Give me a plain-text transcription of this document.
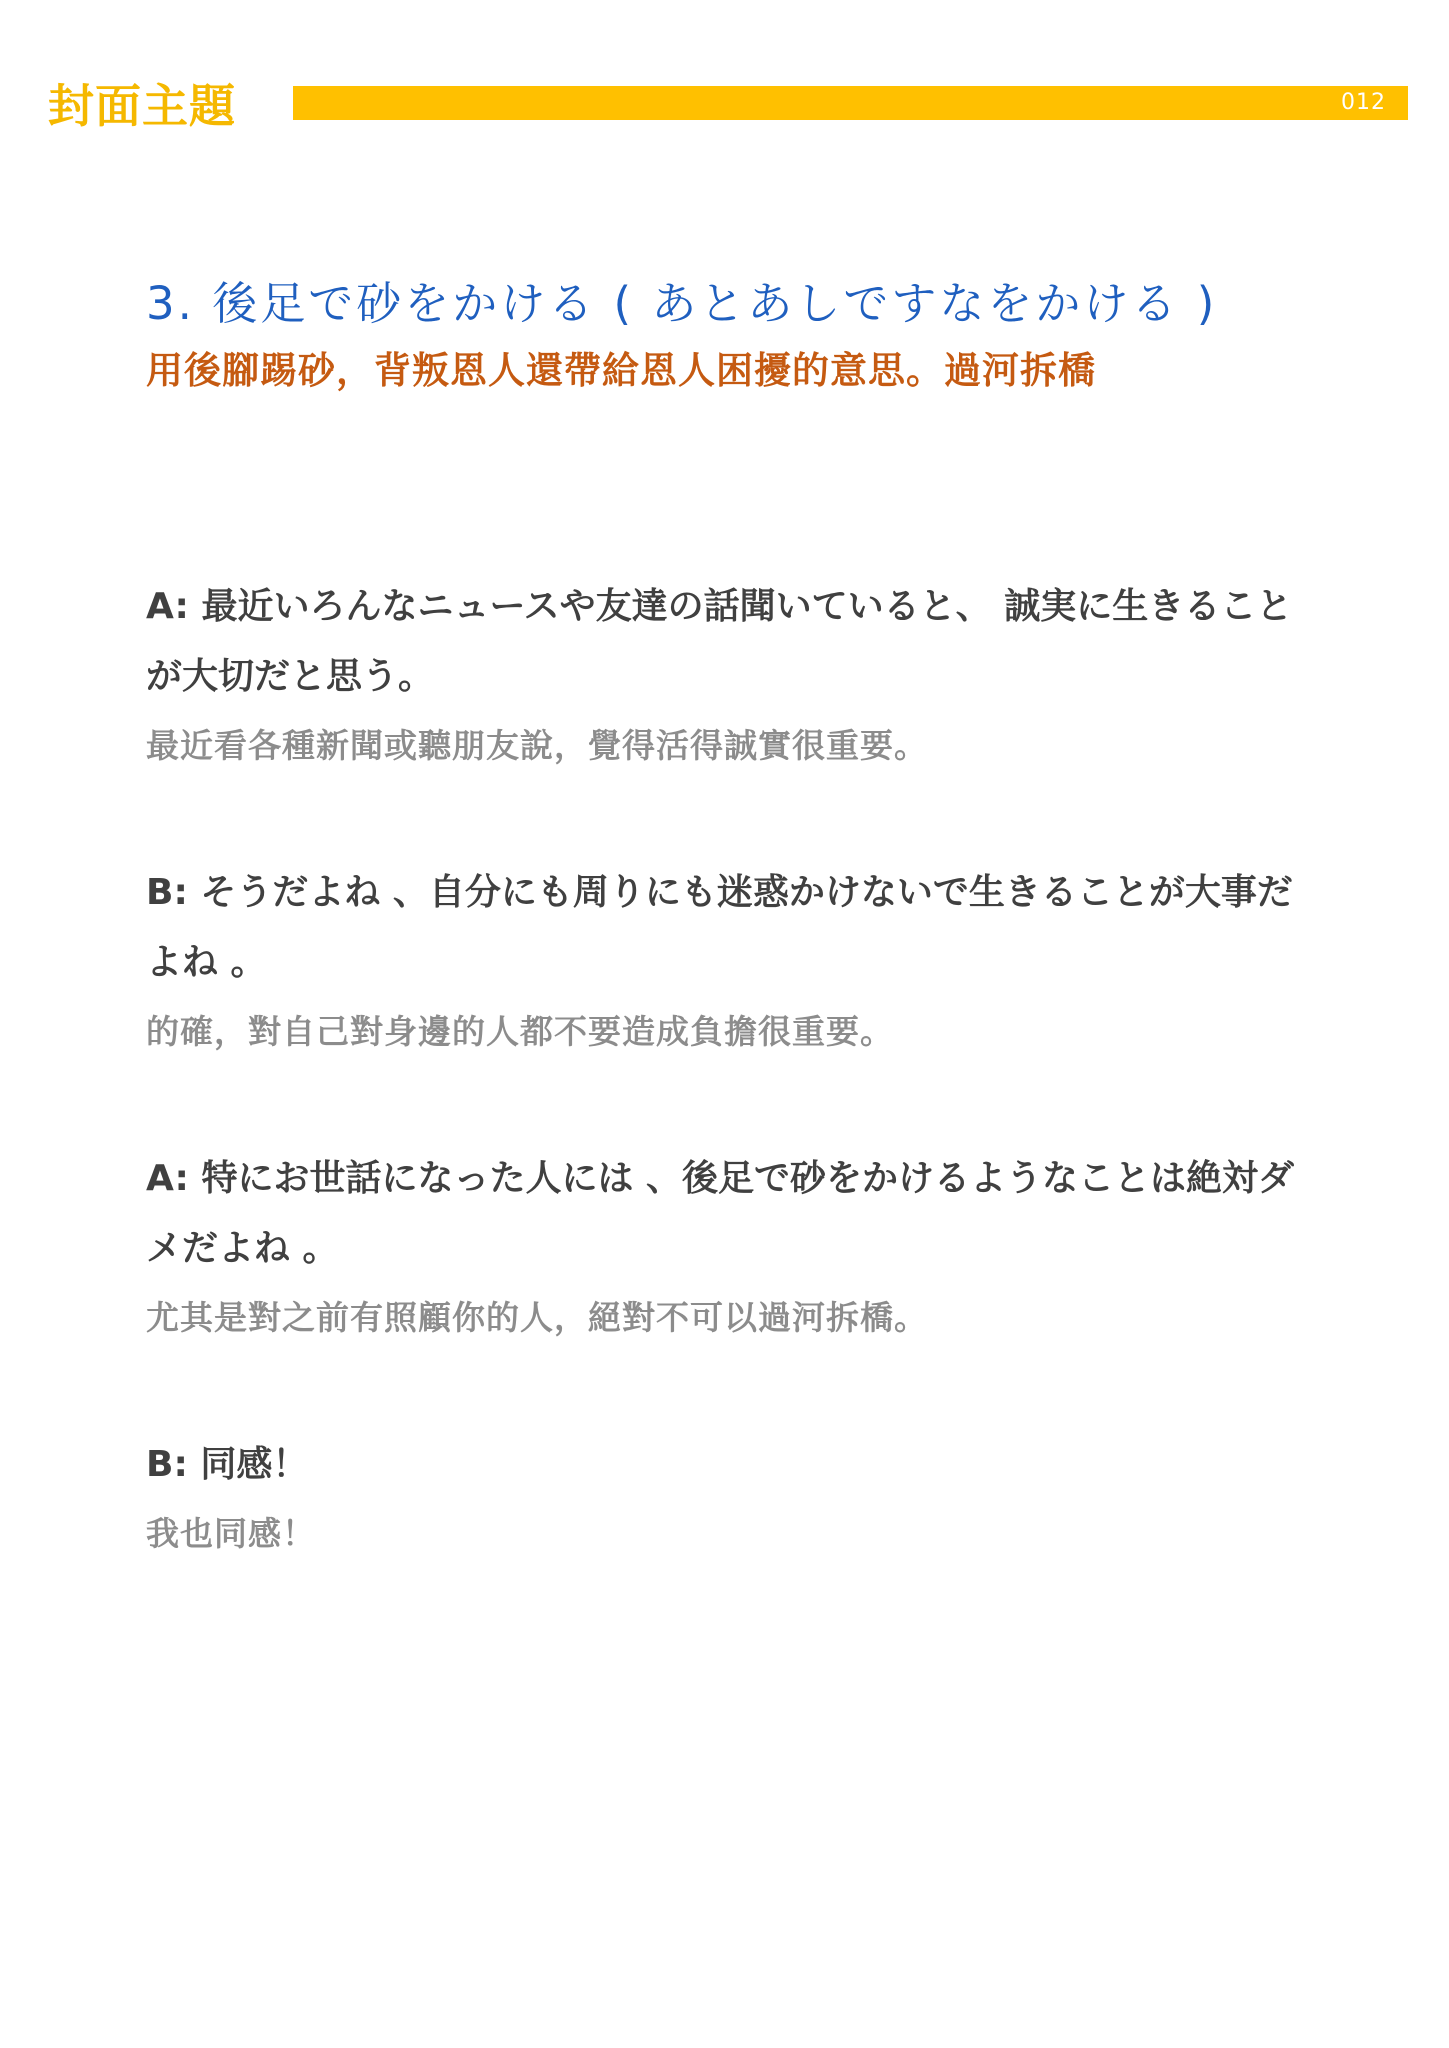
封面主題	012
3. 後足で砂をかける ( あとあしですなをかける )

用後腳踢砂，背叛恩人還帶給恩人困擾的意思。過河拆橋

A: 最近いろんなニュースや友達の話聞いていると、 誠実に生きることが大切だと思う。

最近看各種新聞或聽朋友說，覺得活得誠實很重要。

B: そうだよね 、自分にも周りにも迷惑かけないで生きることが大事だよね 。

的確，對自己對身邊的人都不要造成負擔很重要。

A: 特にお世話になった人には 、後足で砂をかけるようなことは絶対ダメだよね 。

尤其是對之前有照顧你的人，絕對不可以過河拆橋。

B: 同感！

我也同感！
